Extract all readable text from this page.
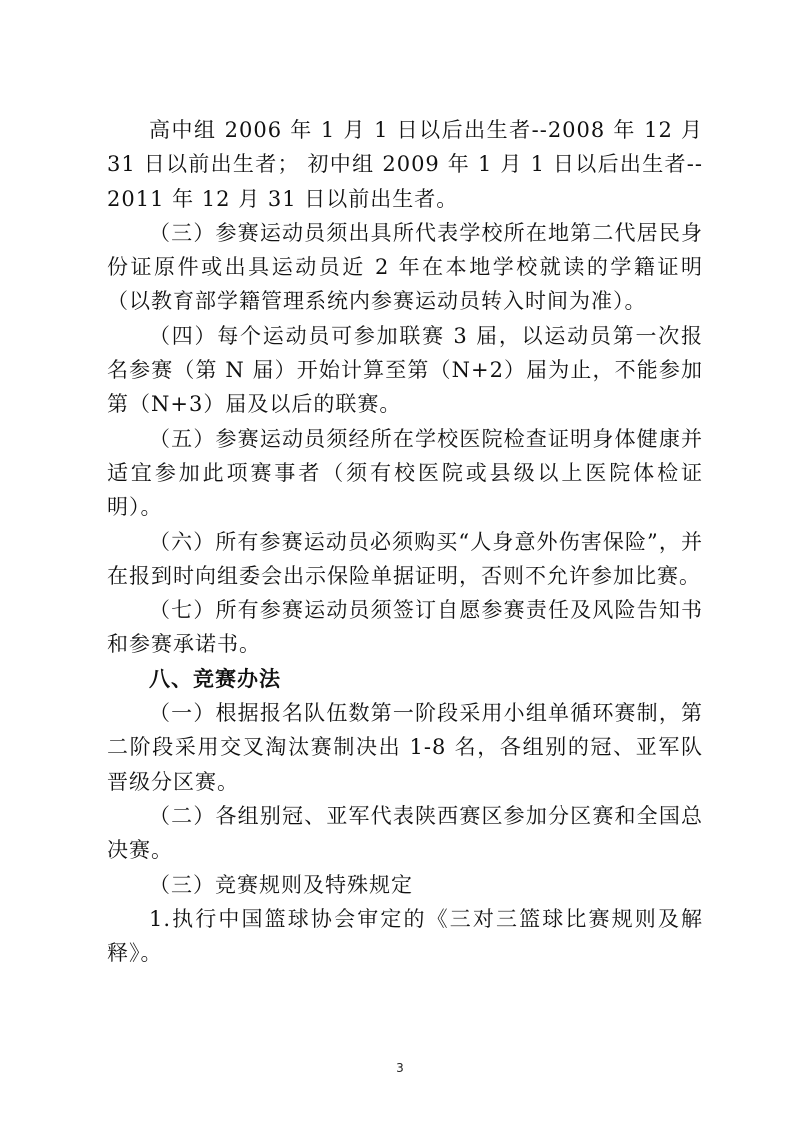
高中组 2006 年 1 月 1 日以后出生者--2008 年 12 月 31 日以前出生者； 初中组 2009 年 1 月 1 日以后出生者--2011 年 12 月 31 日以前出生者。

（三）参赛运动员须出具所代表学校所在地第二代居民身份证原件或出具运动员近 2 年在本地学校就读的学籍证明（以教育部学籍管理系统内参赛运动员转入时间为准）。

（四）每个运动员可参加联赛 3 届，以运动员第一次报名参赛（第 N 届）开始计算至第（N+2）届为止，不能参加第（N+3）届及以后的联赛。

（五）参赛运动员须经所在学校医院检查证明身体健康并适宜参加此项赛事者（须有校医院或县级以上医院体检证明）。

（六）所有参赛运动员必须购买“人身意外伤害保险”，并在报到时向组委会出示保险单据证明，否则不允许参加比赛。

（七）所有参赛运动员须签订自愿参赛责任及风险告知书和参赛承诺书。

八、竞赛办法

（一）根据报名队伍数第一阶段采用小组单循环赛制，第二阶段采用交叉淘汰赛制决出 1-8 名，各组别的冠、亚军队晋级分区赛。

（二）各组别冠、亚军代表陕西赛区参加分区赛和全国总决赛。

（三）竞赛规则及特殊规定

1.执行中国篮球协会审定的《三对三篮球比赛规则及解释》。

3
